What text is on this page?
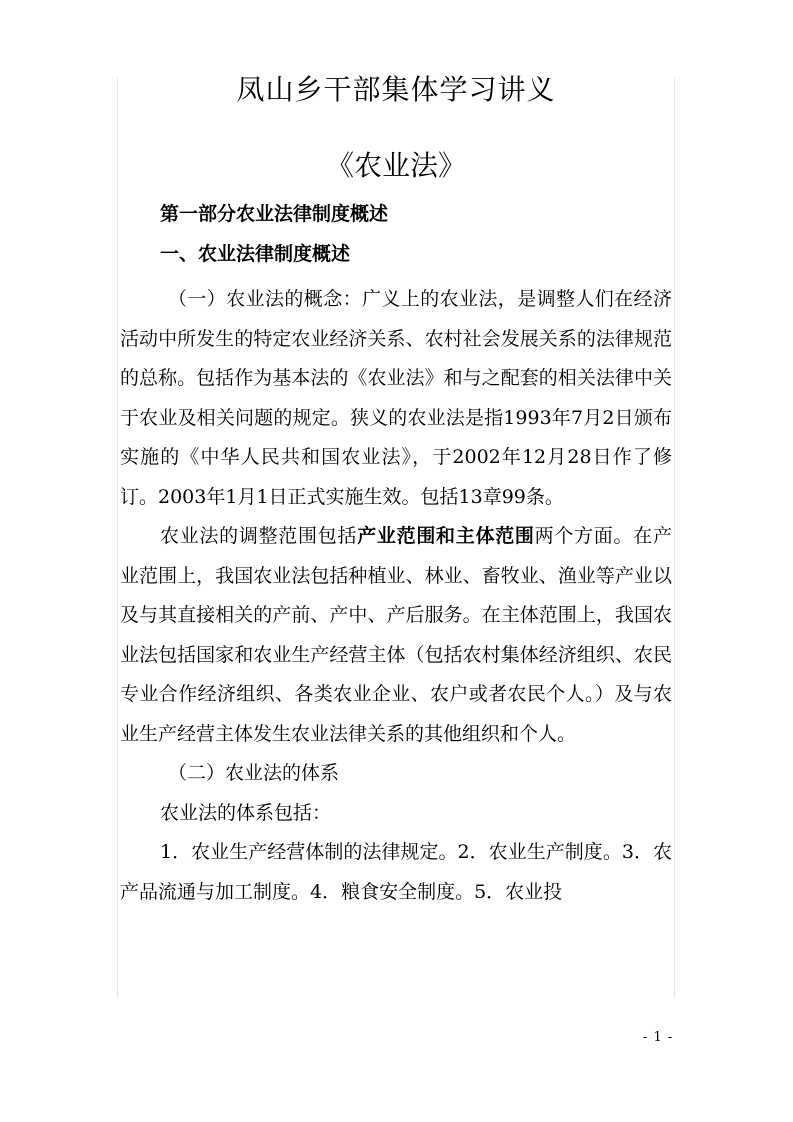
凤山乡干部集体学习讲义
《农业法》
第一部分农业法律制度概述
一、农业法律制度概述

（一）农业法的概念：广义上的农业法，是调整人们在经济活动中所发生的特定农业经济关系、农村社会发展关系的法律规范的总称。包括作为基本法的《农业法》和与之配套的相关法律中关于农业及相关问题的规定。狭义的农业法是指1993年7月2日颁布实施的《中华人民共和国农业法》，于2002年12月28日作了修订。2003年1月1日正式实施生效。包括13章99条。

农业法的调整范围包括产业范围和主体范围两个方面。在产业范围上，我国农业法包括种植业、林业、畜牧业、渔业等产业以及与其直接相关的产前、产中、产后服务。在主体范围上，我国农业法包括国家和农业生产经营主体（包括农村集体经济组织、农民专业合作经济组织、各类农业企业、农户或者农民个人。）及与农业生产经营主体发生农业法律关系的其他组织和个人。

（二）农业法的体系

农业法的体系包括：

1．农业生产经营体制的法律规定。2．农业生产制度。3．农产品流通与加工制度。4．粮食安全制度。5．农业投

- 1 -
